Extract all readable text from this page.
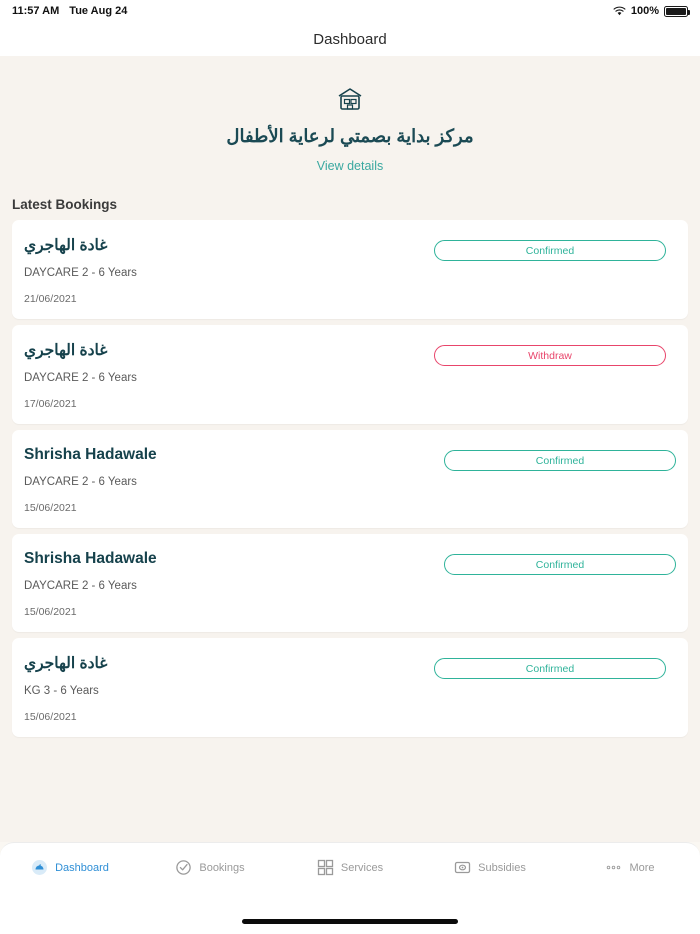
11:57 AM Tue Aug 24	100%
Dashboard
مركز بداية بصمتي لرعاية الأطفال
View details
Latest Bookings
غادة الهاجري
DAYCARE 2 - 6 Years
21/06/2021
Confirmed
غادة الهاجري
DAYCARE 2 - 6 Years
17/06/2021
Withdraw
Shrisha Hadawale
DAYCARE 2 - 6 Years
15/06/2021
Confirmed
Shrisha Hadawale
DAYCARE 2 - 6 Years
15/06/2021
Confirmed
غادة الهاجري
KG 3 - 6 Years
15/06/2021
Confirmed
Dashboard	Bookings	Services	Subsidies	More
